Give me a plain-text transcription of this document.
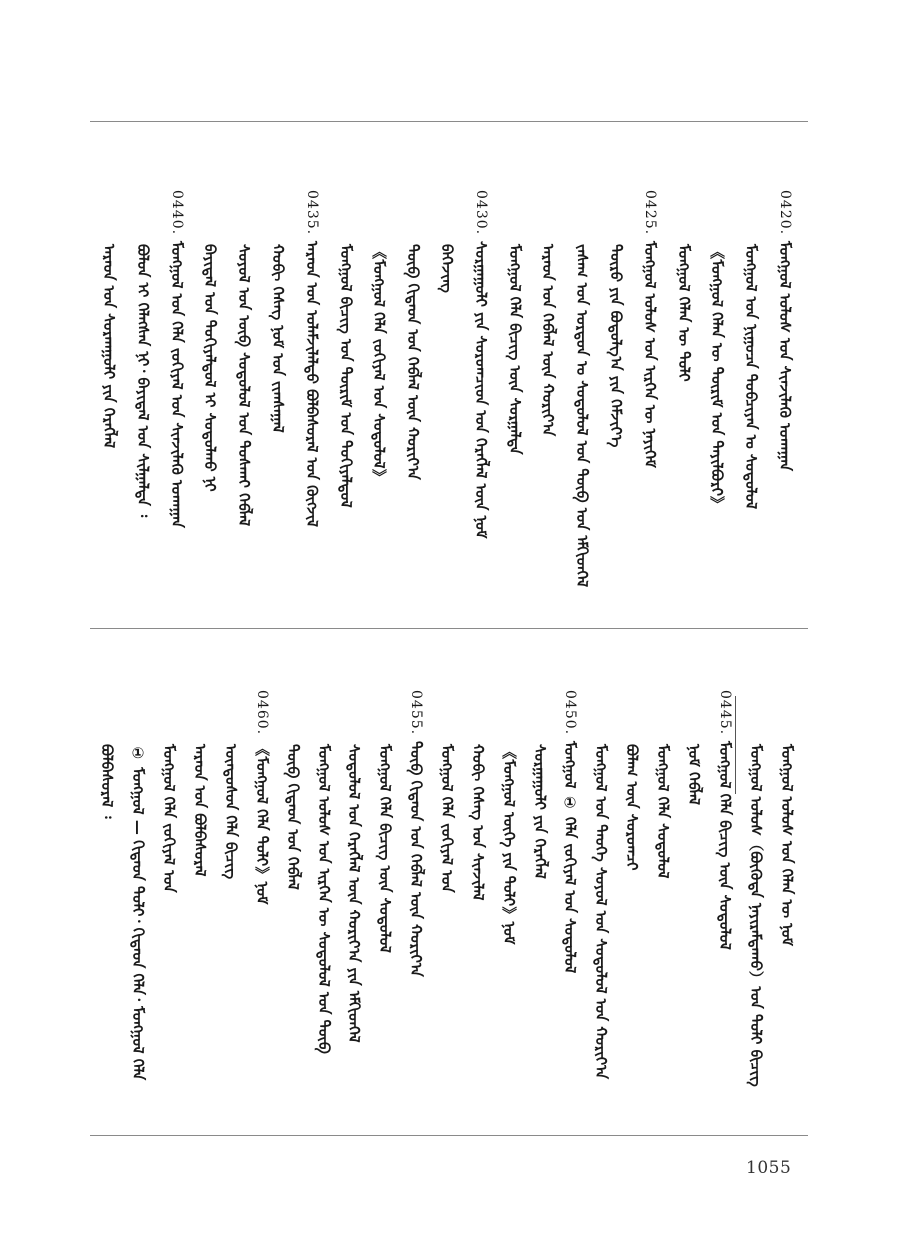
ᠠᠷᠠᠳ ᠤᠨ ᠰᠤᠷᠬᠠᠭᠤᠯᠢ ᠶᠢᠨ ᠬᠡᠷᠡᠭᠯᠡᠯ ᠪᠣᠯᠤᠨ ᠢ ᠬᠡᠯᠡᠭᠰᠡᠨ ᠨᠢ᠂ ᠪᠠᠶᠢᠳᠠᠯ ᠤᠨ ᠰᠢᠯᠭᠠᠯᠲᠠ ᠄
0440.ᠮᠣᠩᠭᠣᠯ ᠤᠨ ᠬᠡᠯᠡ ᠵᠣᠬᠢᠶᠠᠯ ᠤᠨ ᠰᠢᠨᠵᠢᠯᠡᠬᠦ ᠤᠬᠠᠭᠠᠨ ᠪᠠᠶᠢᠳᠠᠯ ᠤᠨ ᠲᠣᠬᠢᠶᠠᠯᠳᠤᠯ ᠢ ᠰᠤᠳᠤᠯᠬᠤ ᠨᠢ ᠰᠣᠶᠣᠯ ᠤᠨ ᠥᠪ ᠰᠤᠳᠤᠯᠤᠯ ᠤᠨ ᠲᠤᠰᠬᠠᠶ ᠬᠡᠪᠯᠡᠯ ᠬᠤᠪᠢ ᠬᠡᠰᠡᠭ ᠨᠣᠮ ᠤᠨ ᠵᠢᠭᠰᠠᠭᠠᠯ
0435.ᠠᠷᠠᠳ ᠤᠨ ᠤᠯᠠᠮᠵᠢᠯᠠᠯᠲᠤ ᠪᠣᠯᠪᠠᠰᠤᠷᠠᠯ ᠤᠨ ᠬᠥᠭᠵᠢᠯ ᠮᠣᠩᠭᠣᠯ ᠪᠢᠴᠢᠭ᠌ ᠤᠨ ᠳᠦᠷᠢᠮ ᠤᠨ ᠲᠣᠬᠢᠶᠠᠯᠳᠤᠯ 《ᠮᠣᠩᠭᠣᠯ ᠬᠡᠯᠡ ᠵᠣᠬᠢᠶᠠᠯ ᠤᠨ ᠰᠤᠳᠤᠯᠤᠯ》 ᠲᠦᠪ ᠬᠢᠲᠠᠳ ᠤᠨ ᠬᠡᠪᠯᠡᠯ ᠦᠨ ᠬᠣᠷᠢᠶ᠎ᠠ ᠪᠡᠭᠡᠵᠢᠩ
0430.ᠰᠤᠷᠭᠠᠭᠤᠯᠢ ᠶᠢᠨ ᠰᠤᠷᠤᠭᠴᠢᠳ ᠤᠨ ᠬᠡᠷᠡᠭᠯᠡᠯ ᠦᠨ ᠨᠣᠮ ᠮᠣᠩᠭᠣᠯ ᠬᠡᠯᠡ ᠪᠢᠴᠢᠭ᠌ ᠦᠨ ᠰᠤᠷᠭᠠᠯᠲᠠ ᠠᠷᠠᠳ ᠤᠨ ᠬᠡᠪᠯᠡᠯ ᠦᠨ ᠬᠣᠷᠢᠶ᠎ᠠ ᠵᠠᠰᠠᠭ ᠤᠨ ᠣᠷᠳᠣᠨ ᠤ ᠰᠤᠳᠤᠯᠤᠯ ᠤᠨ ᠲᠥᠪ ᠤᠨ ᠡᠮᠬᠢᠳᠬᠡᠯ ᠲᠥᠷᠥ ᠶᠢᠨ ᠪᠣᠳᠣᠯᠭ᠎ᠠ ᠶᠢᠨ ᠬᠡᠮᠵᠢᠶ᠎ᠡ
0425.ᠮᠣᠩᠭᠣᠯ ᠤᠯᠤᠰ ᠤᠨ ᠢᠷᠭᠡᠨ ᠦ ᠨᠡᠶᠢᠭᠡᠮ ᠮᠣᠩᠭᠣᠯ ᠬᠡᠯᠡᠨ ᠦ ᠲᠣᠯᠢ 《ᠮᠣᠩᠭᠣᠯ ᠬᠡᠯᠡᠨ ᠦ ᠳᠦᠷᠢᠮ ᠤᠨ ᠲᠠᠶᠢᠯᠪᠤᠷᠢ》 ᠮᠣᠩᠭᠣᠯ ᠤᠨ ᠨᠢᠭᠤᠴᠠ ᠲᠣᠪᠴᠢᠶᠠᠨ ᠤ ᠰᠤᠳᠤᠯᠤᠯ
0420.ᠮᠣᠩᠭᠣᠯ ᠤᠯᠤᠰ ᠤᠨ ᠰᠢᠨᠵᠢᠯᠡᠬᠦ ᠤᠬᠠᠭᠠᠨ
ᠪᠣᠯᠪᠠᠰᠤᠷᠠᠯ ᠄ ① ᠮᠣᠩᠭᠣᠯ — ᠬᠢᠲᠠᠳ ᠲᠣᠯᠢ᠂ ᠬᠢᠲᠠᠳ ᠬᠡᠯᠡ᠂ ᠮᠣᠩᠭᠣᠯ ᠬᠡᠯᠡ ᠮᠣᠩᠭᠣᠯ ᠬᠡᠯᠡ ᠵᠣᠬᠢᠶᠠᠯ ᠤᠨ ᠠᠷᠠᠳ ᠤᠨ ᠪᠣᠯᠪᠠᠰᠤᠷᠠᠯ ᠦᠨᠳᠦᠰᠦᠨ ᠬᠡᠯᠡ ᠪᠢᠴᠢᠭ᠌
0460.《ᠮᠣᠩᠭᠣᠯ ᠬᠡᠯᠡ ᠲᠣᠯᠢ》ᠨᠣᠮ ᠲᠥᠪ ᠬᠢᠲᠠᠳ ᠤᠨ ᠬᠡᠪᠯᠡᠯ ᠮᠣᠩᠭᠣᠯ ᠤᠯᠤᠰ ᠤᠨ ᠢᠷᠭᠡᠨ ᠦ ᠰᠤᠳᠤᠯᠤᠯ ᠤᠨ ᠲᠥᠪ ᠰᠤᠳᠤᠯᠤᠯ ᠤᠨ ᠬᠡᠷᠡᠭᠯᠡᠯ ᠦᠨ ᠬᠣᠷᠢᠶ᠎ᠠ ᠶᠢᠨ ᠡᠮᠬᠢᠳᠬᠡᠯ ᠮᠣᠩᠭᠣᠯ ᠬᠡᠯᠡ ᠪᠢᠴᠢᠭ᠌ ᠦᠨ ᠰᠤᠳᠤᠯᠤᠯ
0455.ᠲᠥᠪ ᠬᠢᠲᠠᠳ ᠤᠨ ᠬᠡᠪᠯᠡᠯ ᠦᠨ ᠬᠣᠷᠢᠶ᠎ᠠ ᠮᠣᠩᠭᠣᠯ ᠬᠡᠯᠡ ᠵᠣᠬᠢᠶᠠᠯ ᠤᠨ ᠬᠤᠪᠢ ᠬᠡᠰᠡᠭ ᠤᠨ ᠰᠢᠨᠵᠢᠯᠡᠯ 《ᠮᠣᠩᠭᠣᠯ ᠦᠭᠡ ᠶᠢᠨ ᠲᠣᠯᠢ》ᠨᠣᠮ ᠰᠤᠷᠭᠠᠭᠤᠯᠢ ᠶᠢᠨ ᠬᠡᠷᠡᠭᠯᠡᠯ
0450.ᠮᠣᠩᠭᠣᠯ ① ᠬᠡᠯᠡ ᠵᠣᠬᠢᠶᠠᠯ ᠤᠨ ᠰᠤᠳᠤᠯᠤᠯ ᠮᠣᠩᠭᠣᠯ ᠤᠨ ᠲᠡᠦᠬᠡ ᠰᠣᠶᠣᠯ ᠤᠨ ᠰᠤᠳᠤᠯᠤᠯ ᠤᠨ ᠬᠣᠷᠢᠶ᠎ᠠ ᠪᠤᠯᠠᠭ ᠦᠨ ᠰᠤᠷᠤᠭᠴᠢ ᠮᠣᠩᠭᠣᠯ ᠬᠡᠯᠡ ᠰᠤᠳᠤᠯᠤᠯ ᠨᠣᠮ ᠬᠡᠪᠯᠡᠯ
0445.ᠮᠣᠩᠭᠣᠯ ᠬᠡᠯᠡ ᠪᠢᠴᠢᠭ᠌ ᠦᠨ ᠰᠤᠳᠤᠯᠤᠯ ᠮᠣᠩᠭᠣᠯ ᠤᠯᠤᠰ（ᠪᠦᠭᠦᠳᠡ ᠨᠠᠶᠢᠷᠠᠮᠳᠠᠬᠤ）ᠤᠨ ᠲᠣᠯᠢ ᠪᠢᠴᠢᠭ᠌ ᠮᠣᠩᠭᠣᠯ ᠤᠯᠤᠰ ᠤᠨ ᠬᠡᠯᠡᠨ ᠦ ᠨᠣᠮ
1055
